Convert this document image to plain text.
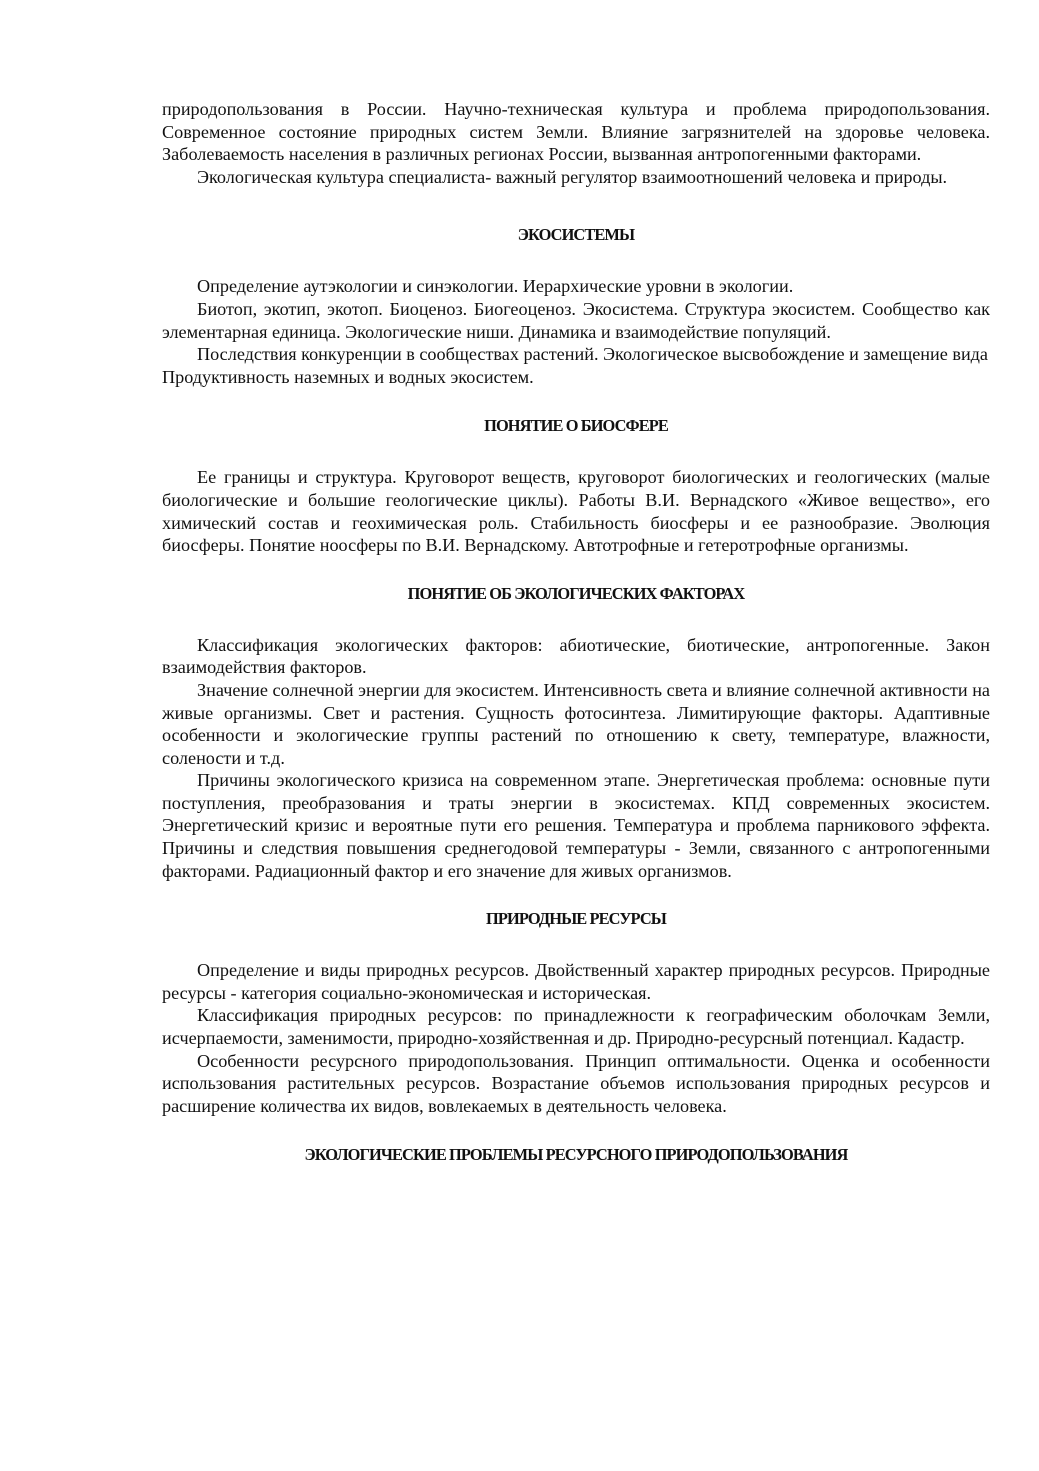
природопользования в России. Научно-техническая культура и проблема природопользования. Современное состояние природных систем Земли. Влияние загрязнителей на здоровье человека. Заболеваемость населения в различных регионах России, вызванная антропогенными факторами.

Экологическая культура специалиста- важный регулятор взаимоотношений человека и природы.

ЭКОСИСТЕМЫ

Определение аутэкологии и синэкологии. Иерархические уровни в экологии.

Биотоп, экотип, экотоп. Биоценоз. Биогеоценоз. Экосистема. Структура экосистем. Сообщество как элементарная единица. Экологические ниши. Динамика и взаимодействие популяций.

Последствия конкуренции в сообществах растений. Экологическое высвобождение и замещение вида

Продуктивность наземных и водных экосистем.

ПОНЯТИЕ О БИОСФЕРЕ

Ее границы и структура. Круговорот веществ, круговорот биологических и геологических (малые биологические и большие геологические циклы). Работы В.И. Вернадского «Живое вещество», его химический состав и геохимическая роль. Стабильность биосферы и ее разнообразие. Эволюция биосферы. Понятие ноосферы по В.И. Вернадскому. Автотрофные и гетеротрофные организмы.

ПОНЯТИЕ ОБ ЭКОЛОГИЧЕСКИХ ФАКТОРАХ

Классификация экологических факторов: абиотические, биотические, антропогенные. Закон взаимодействия факторов.

Значение солнечной энергии для экосистем. Интенсивность света и влияние солнечной активности на живые организмы. Свет и растения. Сущность фотосинтеза. Лимитирующие факторы. Адаптивные особенности и экологические группы растений по отношению к свету, температуре, влажности, солености и т.д.

Причины экологического кризиса на современном этапе. Энергетическая проблема: основные пути поступления, преобразования и траты энергии в экосистемах. КПД современных экосистем. Энергетический кризис и вероятные пути его решения. Температура и проблема парникового эффекта. Причины и следствия повышения среднегодовой температуры - Земли, связанного с антропогенными факторами. Радиационный фактор и его значение для живых организмов.

ПРИРОДНЫЕ РЕСУРСЫ

Определение и виды природньх ресурсов. Двойственный характер природных ресурсов. Природные ресурсы - категория социально-экономическая и историческая.

Классификация природных ресурсов: по принадлежности к географическим оболочкам Земли, исчерпаемости, заменимости, природно-хозяйственная и др. Природно-ресурсный потенциал. Кадастр.

Особенности ресурсного природопользования. Принцип оптимальности. Оценка и особенности использования растительных ресурсов. Возрастание объемов использования природных ресурсов и расширение количества их видов, вовлекаемых в деятельность человека.

ЭКОЛОГИЧЕСКИЕ ПРОБЛЕМЫ РЕСУРСНОГО ПРИРОДОПОЛЬЗОВАНИЯ
